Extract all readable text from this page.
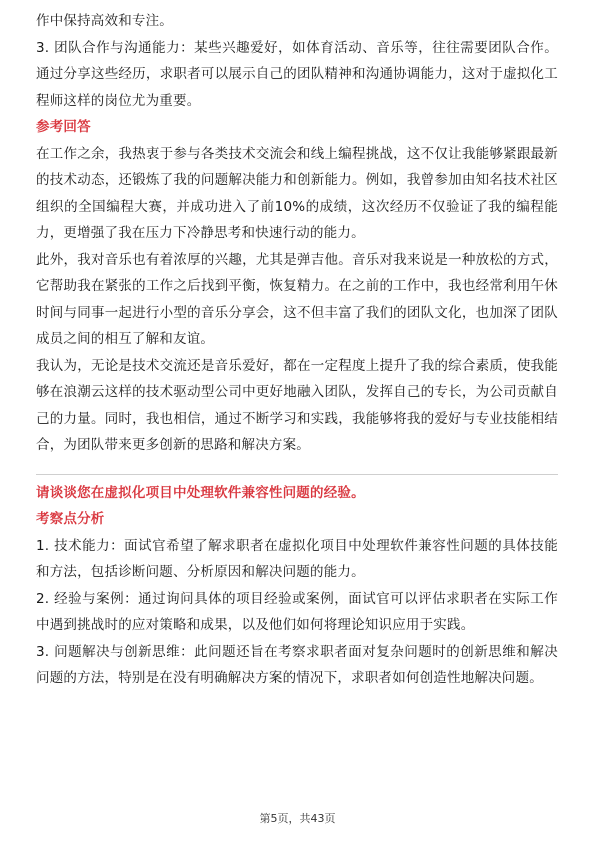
作中保持高效和专注。

3. 团队合作与沟通能力：某些兴趣爱好，如体育活动、音乐等，往往需要团队合作。通过分享这些经历，求职者可以展示自己的团队精神和沟通协调能力，这对于虚拟化工程师这样的岗位尤为重要。

参考回答

在工作之余，我热衷于参与各类技术交流会和线上编程挑战，这不仅让我能够紧跟最新的技术动态，还锻炼了我的问题解决能力和创新能力。例如，我曾参加由知名技术社区组织的全国编程大赛，并成功进入了前10%的成绩，这次经历不仅验证了我的编程能力，更增强了我在压力下冷静思考和快速行动的能力。

此外，我对音乐也有着浓厚的兴趣，尤其是弹吉他。音乐对我来说是一种放松的方式，它帮助我在紧张的工作之后找到平衡，恢复精力。在之前的工作中，我也经常利用午休时间与同事一起进行小型的音乐分享会，这不但丰富了我们的团队文化，也加深了团队成员之间的相互了解和友谊。

我认为，无论是技术交流还是音乐爱好，都在一定程度上提升了我的综合素质，使我能够在浪潮云这样的技术驱动型公司中更好地融入团队，发挥自己的专长，为公司贡献自己的力量。同时，我也相信，通过不断学习和实践，我能够将我的爱好与专业技能相结合，为团队带来更多创新的思路和解决方案。

请谈谈您在虚拟化项目中处理软件兼容性问题的经验。
考察点分析

1. 技术能力：面试官希望了解求职者在虚拟化项目中处理软件兼容性问题的具体技能和方法，包括诊断问题、分析原因和解决问题的能力。

2. 经验与案例：通过询问具体的项目经验或案例，面试官可以评估求职者在实际工作中遇到挑战时的应对策略和成果，以及他们如何将理论知识应用于实践。

3. 问题解决与创新思维：此问题还旨在考察求职者面对复杂问题时的创新思维和解决问题的方法，特别是在没有明确解决方案的情况下，求职者如何创造性地解决问题。

第5页，共43页
